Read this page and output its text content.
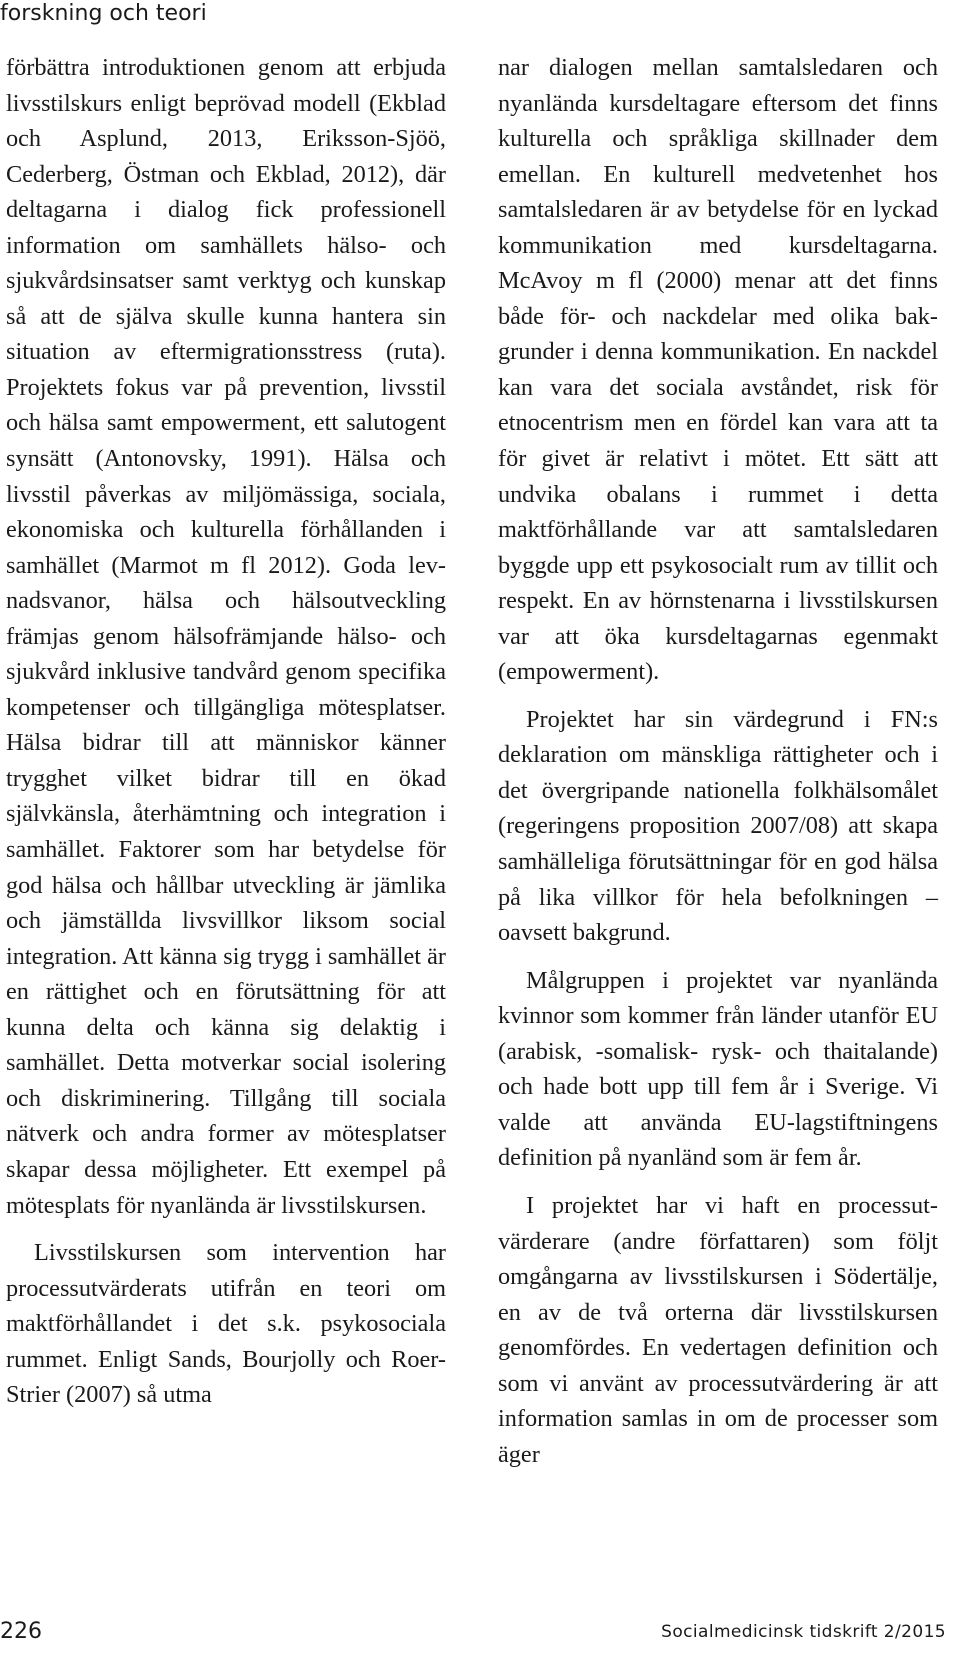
forskning och teori

förbättra introduktionen genom att erbjuda livsstilskurs enligt beprövad modell (Ekblad och Asplund, 2013, Eriksson-Sjöö, Cederberg, Östman och Ekblad, 2012), där deltagarna i dialog fick professionell information om samhällets hälso- och sjukvårdsinsatser samt verktyg och kunskap så att de själva skulle kunna hantera sin situation av eftermigrationsstress (ruta). Projektets fokus var på prevention, livsstil och hälsa samt empowerment, ett salutogent synsätt (Antonovsky, 1991). Hälsa och livsstil påverkas av miljömässiga, sociala, ekonomiska och kulturella förhållanden i samhället (Marmot m fl 2012). Goda levnadsvanor, hälsa och hälsoutveckling främjas genom hälsofrämjande hälso- och sjukvård inklusive tandvård genom specifika kompetenser och tillgängliga mötesplatser. Hälsa bidrar till att människor känner trygghet vilket bidrar till en ökad självkänsla, återhämtning och integration i samhället. Faktorer som har betydelse för god hälsa och hållbar utveckling är jämlika och jämställda livsvillkor liksom social integration. Att känna sig trygg i samhället är en rättighet och en förutsättning för att kunna delta och känna sig delaktig i samhället. Detta motverkar social isolering och diskriminering. Tillgång till sociala nätverk och andra former av mötesplatser skapar dessa möjligheter. Ett exempel på mötesplats för nyanlända är livsstilskursen.

Livsstilskursen som intervention har processutvärderats utifrån en teori om maktförhållandet i det s.k. psykosociala rummet. Enligt Sands, Bourjolly och Roer-Strier (2007) så utma

nar dialogen mellan samtalsledaren och nyanlända kursdeltagare eftersom det finns kulturella och språkliga skillnader dem emellan. En kulturell medvetenhet hos samtalsledaren är av betydelse för en lyckad kommunikation med kursdeltagarna. McAvoy m fl (2000) menar att det finns både för- och nackdelar med olika bakgrunder i denna kommunikation. En nackdel kan vara det sociala avståndet, risk för etnocentrism men en fördel kan vara att ta för givet är relativt i mötet. Ett sätt att undvika obalans i rummet i detta maktförhållande var att samtalsledaren byggde upp ett psykosocialt rum av tillit och respekt. En av hörnstenarna i livsstilskursen var att öka kursdeltagarnas egenmakt (empowerment).

Projektet har sin värdegrund i FN:s deklaration om mänskliga rättigheter och i det övergripande nationella folkhälsomålet (regeringens proposition 2007/08) att skapa samhälleliga förutsättningar för en god hälsa på lika villkor för hela befolkningen – oavsett bakgrund.

Målgruppen i projektet var nyanlända kvinnor som kommer från länder utanför EU (arabisk, -somalisk- rysk- och thaitalande) och hade bott upp till fem år i Sverige. Vi valde att använda EU-lagstiftningens definition på nyanländ som är fem år.

I projektet har vi haft en processutvärderare (andre författaren) som följt omgångarna av livsstilskursen i Södertälje, en av de två orterna där livsstilskursen genomfördes. En vedertagen definition och som vi använt av processutvärdering är att information samlas in om de processer som äger

226	Socialmedicinsk tidskrift 2/2015
